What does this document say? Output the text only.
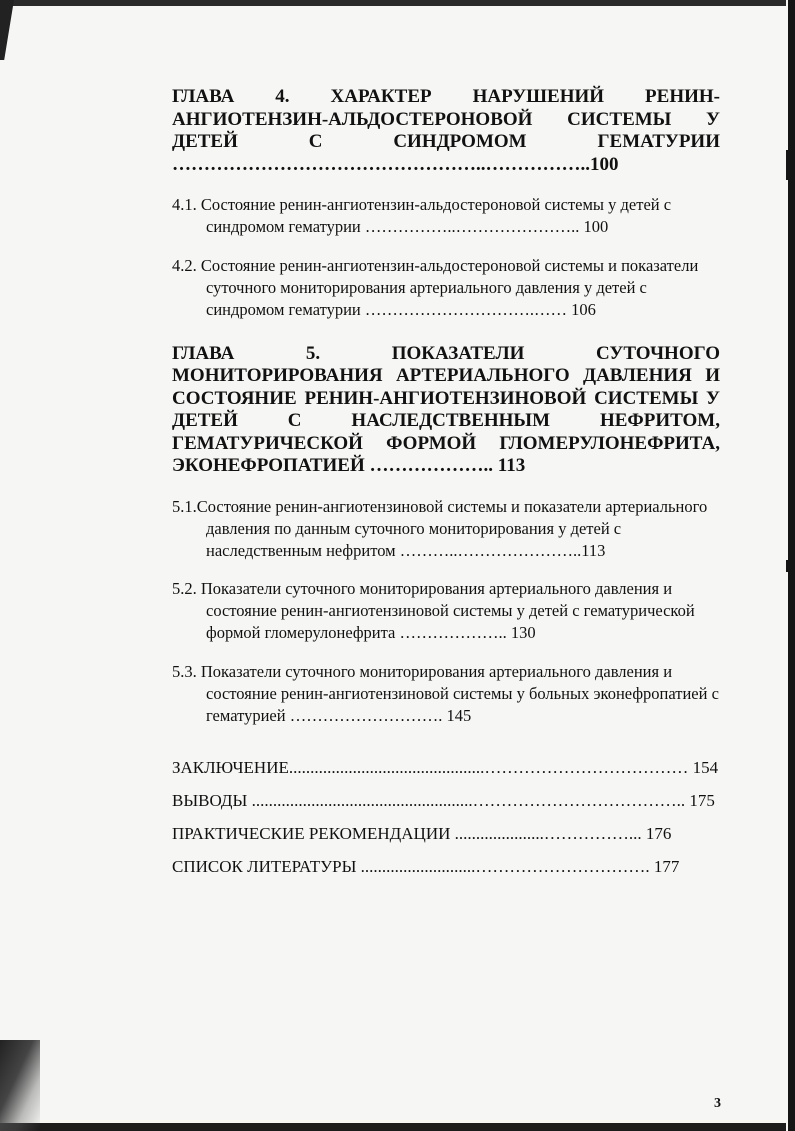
ГЛАВА 4. ХАРАКТЕР НАРУШЕНИЙ РЕНИН-АНГИОТЕНЗИН-АЛЬДОСТЕРОНОВОЙ СИСТЕМЫ У ДЕТЕЙ С СИНДРОМОМ ГЕМАТУРИИ …………………………………………..……………..100

4.1. Состояние ренин-ангиотензин-альдостероновой системы у детей с синдромом гематурии ……………..………………….. 100

4.2. Состояние ренин-ангиотензин-альдостероновой системы и показатели суточного мониторирования артериального давления у детей с синдромом гематурии ………………………….…… 106

ГЛАВА 5. ПОКАЗАТЕЛИ СУТОЧНОГО МОНИТОРИРОВАНИЯ АРТЕРИАЛЬНОГО ДАВЛЕНИЯ И СОСТОЯНИЕ РЕНИН-АНГИОТЕНЗИНОВОЙ СИСТЕМЫ У ДЕТЕЙ С НАСЛЕДСТВЕННЫМ НЕФРИТОМ, ГЕМАТУРИЧЕСКОЙ ФОРМОЙ ГЛОМЕРУЛОНЕФРИТА, ЭКОНЕФРОПАТИЕЙ ……………….. 113

5.1.Состояние ренин-ангиотензиновой системы и показатели артериального давления по данным суточного мониторирования у детей с наследственным нефритом ………..…………………..113

5.2. Показатели суточного мониторирования артериального давления и состояние ренин-ангиотензиновой системы у детей с гематурической формой гломерулонефрита ……………….. 130

5.3. Показатели суточного мониторирования артериального давления и состояние ренин-ангиотензиновой системы у больных эконефропатией с гематурией ………………………. 145

ЗАКЛЮЧЕНИЕ..............................................……………………………… 154
ВЫВОДЫ ....................................................……………………………….. 175
ПРАКТИЧЕСКИЕ РЕКОМЕНДАЦИИ .....................……………... 176
СПИСОК ЛИТЕРАТУРЫ ...........................…………………………. 177
3
